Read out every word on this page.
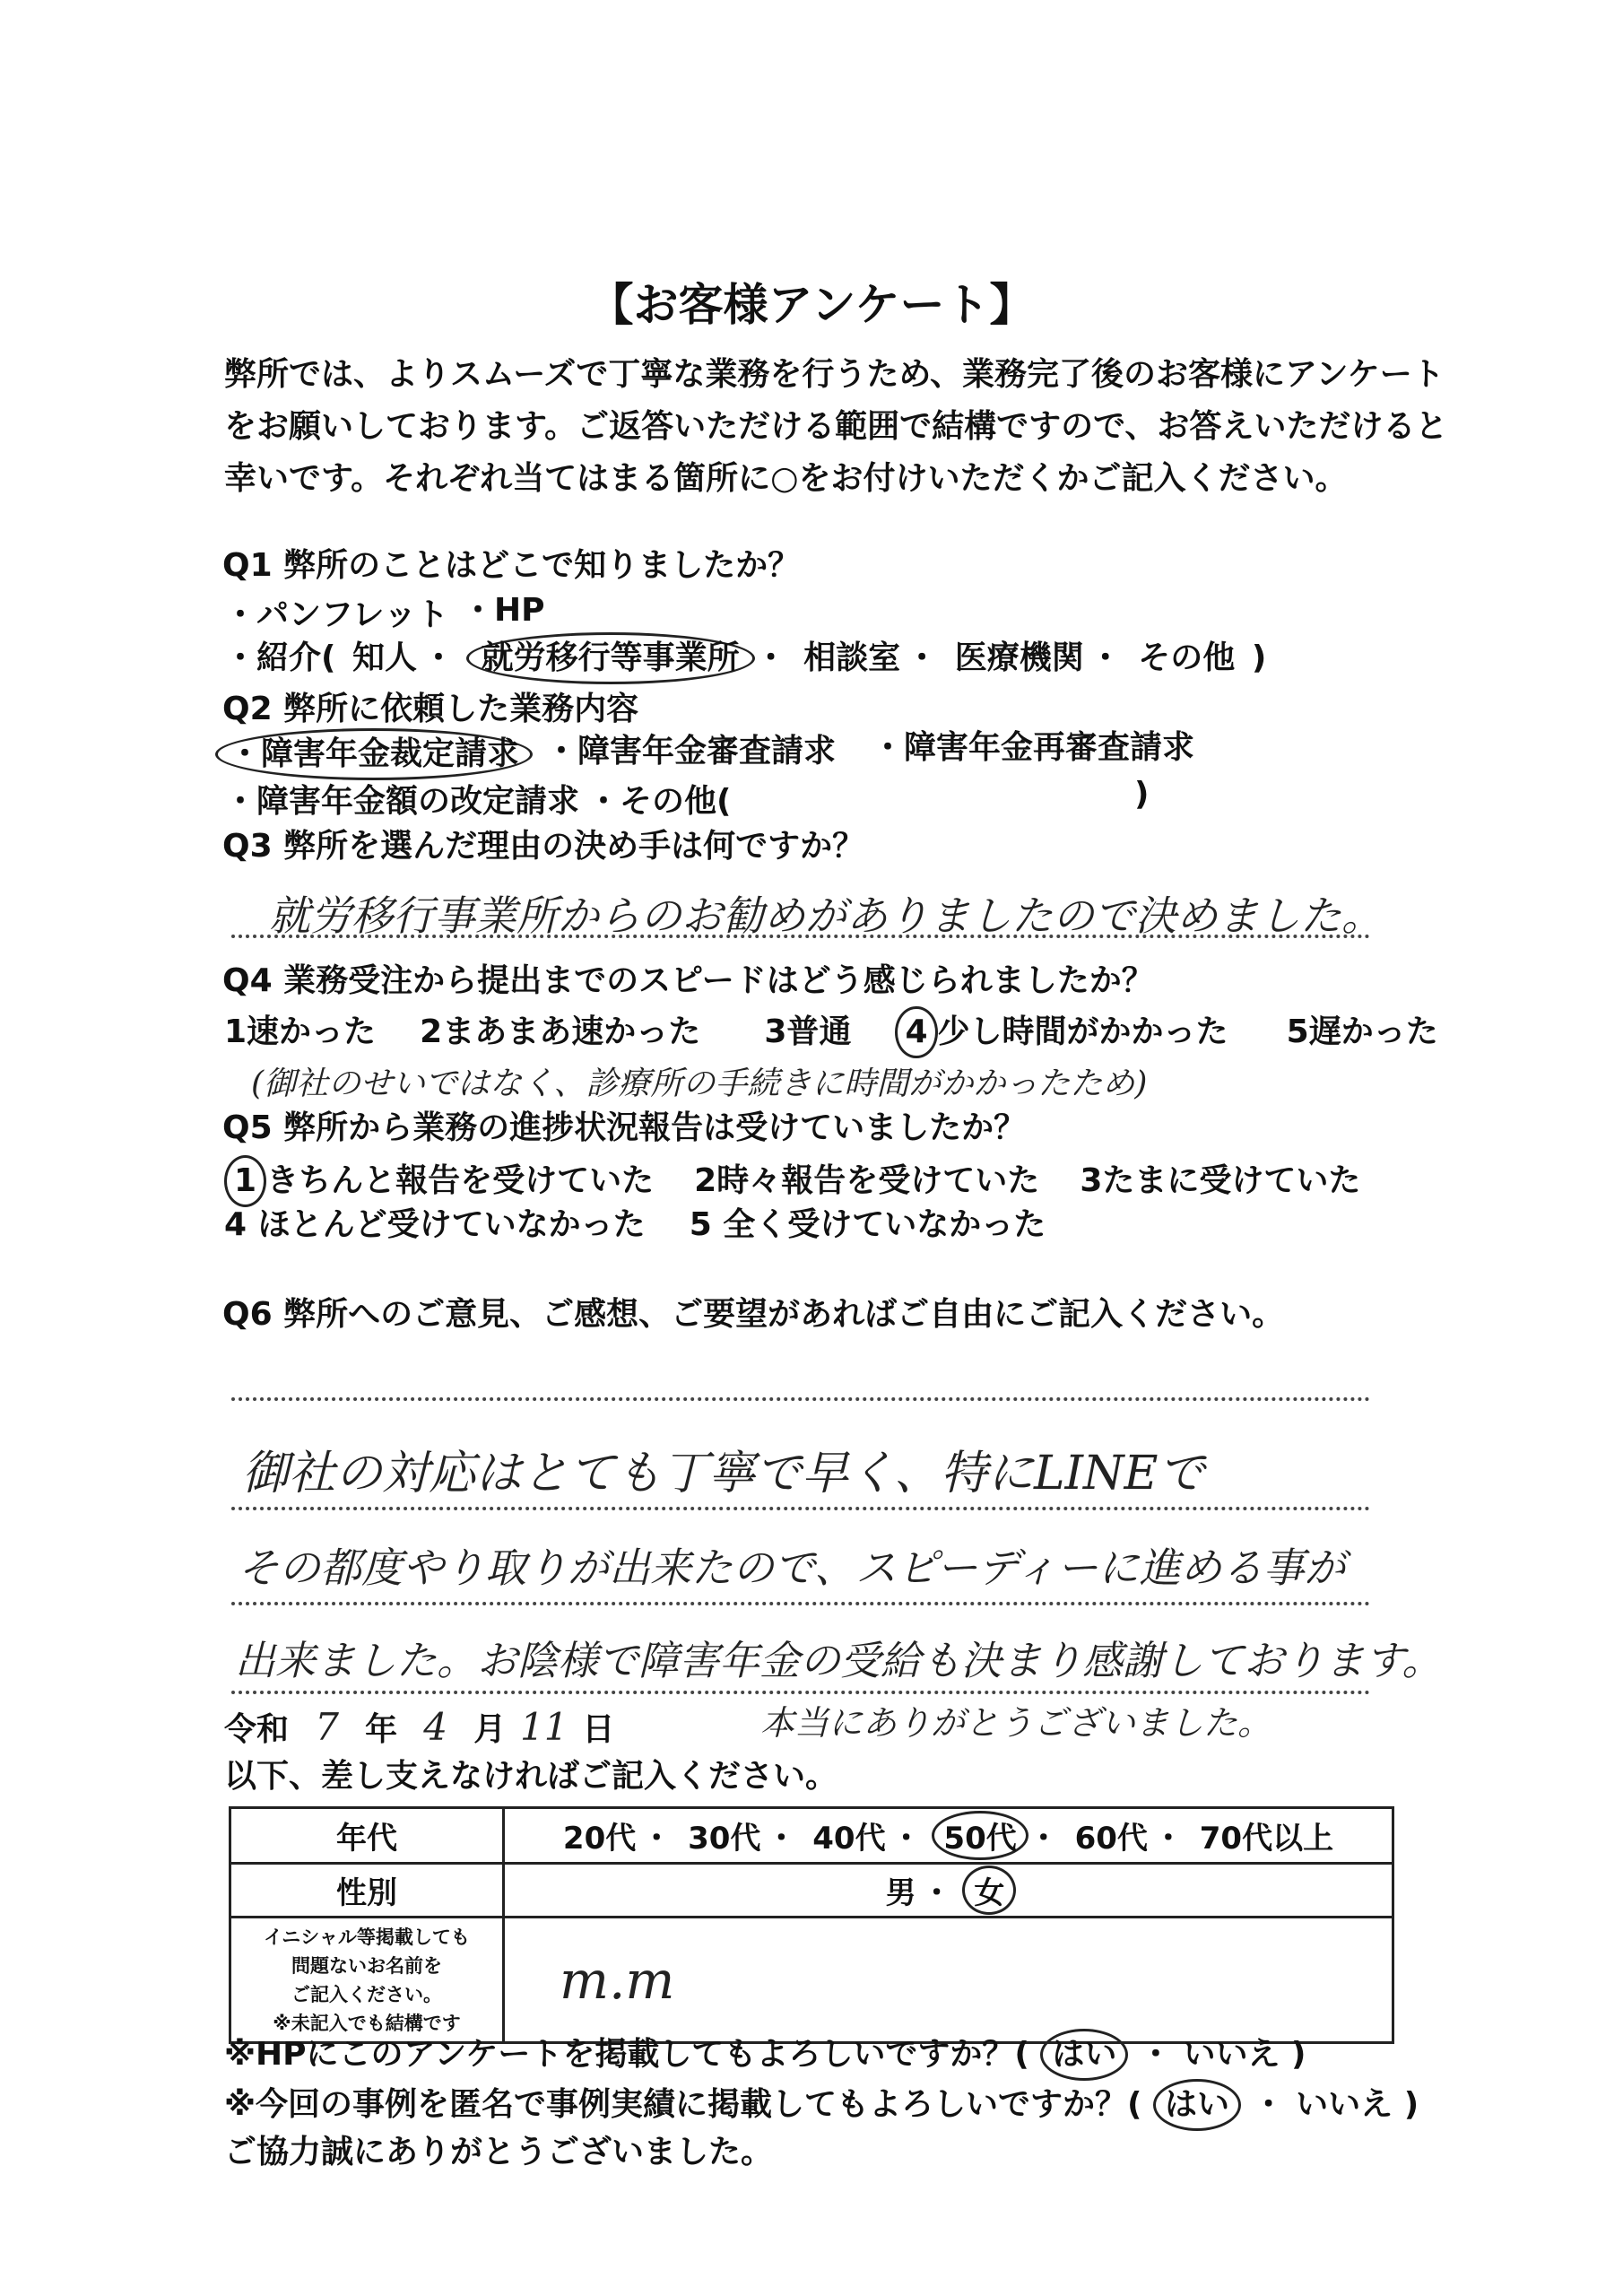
【お客様アンケート】
弊所では、よりスムーズで丁寧な業務を行うため、業務完了後のお客様にアンケート
をお願いしております。ご返答いただける範囲で結構ですので、お答えいただけると
幸いです。それぞれ当てはまる箇所に○をお付けいただくかご記入ください。
Q1 弊所のことはどこで知りましたか？
・パンフレット ・HP
・紹介( 知人 ・ 就労移行等事業所 ・ 相談室 ・ 医療機関 ・ その他 )
Q2 弊所に依頼した業務内容
・障害年金裁定請求 ・障害年金審査請求 ・障害年金再審査請求
・障害年金額の改定請求 ・その他(	)
Q3 弊所を選んだ理由の決め手は何ですか？
就労移行事業所からのお勧めがありましたので決めました。
Q4 業務受注から提出までのスピードはどう感じられましたか？
1速かった 2まあまあ速かった 3普通 4 少し時間がかかった 5遅かった
(御社のせいではなく、診療所の手続きに時間がかかったため)
Q5 弊所から業務の進捗状況報告は受けていましたか？
1 きちんと報告を受けていた 2時々報告を受けていた 3たまに受けていた
4 ほとんど受けていなかった 5 全く受けていなかった
Q6 弊所へのご意見、ご感想、ご要望があればご自由にご記入ください。
御社の対応はとても丁寧で早く、特にLINEで
その都度やり取りが出来たので、スピーディーに進める事が
出来ました。お陰様で障害年金の受給も決まり感謝しております。
本当にありがとうございました。
令和 7 年 4 月 11 日
以下、差し支えなければご記入ください。
年代	20代 ・ 30代 ・ 40代 ・ 50代 ・ 60代 ・ 70代以上
性別	男 ・ 女

イニシャル等掲載しても
問題ないお名前を
ご記入ください。
※未記入でも結構です	m.m
※HPにこのアンケートを掲載してもよろしいですか？( はい ・ いいえ )
※今回の事例を匿名で事例実績に掲載してもよろしいですか？( はい ・ いいえ )
ご協力誠にありがとうございました。
